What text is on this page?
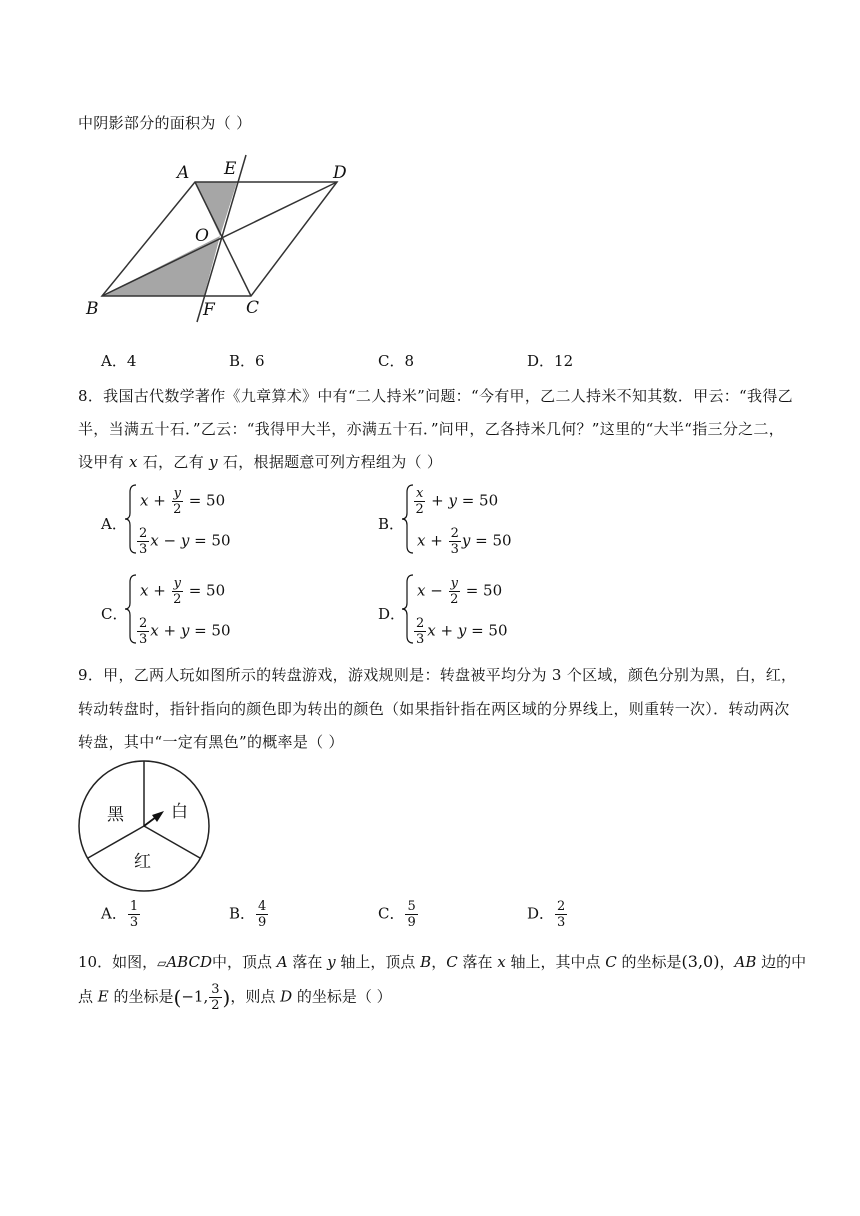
中阴影部分的面积为（ ）
A E	D
O
B	F C
A．4	B．6	C．8	D．12
8．我国古代数学著作《九章算术》中有“二人持米”问题：“今有甲，乙二人持米不知其数．甲云：“我得乙
半，当满五十石．”乙云：“我得甲大半，亦满五十石．”问甲，乙各持米几何？”这里的“大半“指三分之二，
设甲有 x 石，乙有 y 石，根据题意可列方程组为（ ）
A．
$x + \frac{y}{2} = 50$
$\frac{2}{3}$ x − y = 50
B．
$\frac{x}{2} + y = 50$
$x + \frac{2}{3}$ y = 50
C．
$x + \frac{y}{2} = 50$
$\frac{2}{3}$ x + y = 50
D．
$x - \frac{y}{2} = 50$
$\frac{2}{3}$ x + y = 50
9．甲，乙两人玩如图所示的转盘游戏，游戏规则是：转盘被平均分为 3 个区域，颜色分别为黑，白，红，
转动转盘时，指针指向的颜色即为转出的颜色（如果指针指在两区域的分界线上，则重转一次）．转动两次
转盘，其中“一定有黑色”的概率是（ ）
黑	白
红
A． $\frac{1}{3}$	B． $\frac{4}{9}$	C． $\frac{5}{9}$	D． $\frac{2}{3}$
10．如图，▱ABCD中，顶点 A 落在 y 轴上，顶点 B，C 落在 x 轴上，其中点 C 的坐标是(3,0)，AB 边的中
点 E 的坐标是(−1, $\frac{3}{2}$ )，则点 D 的坐标是（ ）
